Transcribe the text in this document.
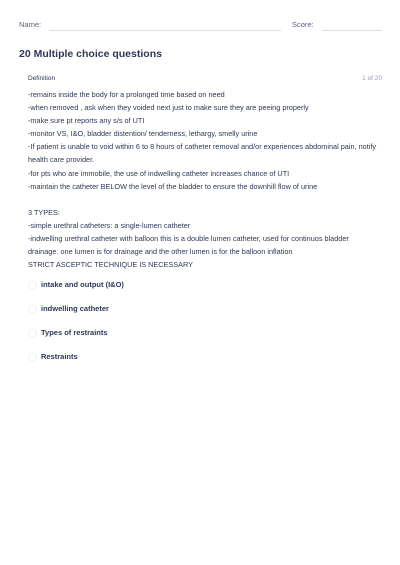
Name:	Score:
20 Multiple choice questions
Definition	1 of 20

-remains inside the body for a prolonged time based on need
-when removed , ask when they voided next just to make sure they are peeing properly
-make sure pt reports any s/s of UTI
-monitor VS, I&O, bladder distention/ tenderness, lethargy, smelly urine
-If patient is unable to void within 6 to 8 hours of catheter removal and/or experiences abdominal pain, notify health care provider.
-for pts who are immobile, the use of indwelling catheter increases chance of UTI
-maintain the catheter BELOW the level of the bladder to ensure the downhill flow of urine

3 TYPES:
-simple urethral catheters: a single-lumen catheter
-indwelling urethral catheter with balloon this is a double lumen catheter, used for continuos bladder drainage. one lumen is for drainage and the other lumen is for the balloon inflation
STRICT ASCEPTIC TECHNIQUE IS NECESSARY

intake and output (I&O)
indwelling catheter
Types of restraints
Restraints
